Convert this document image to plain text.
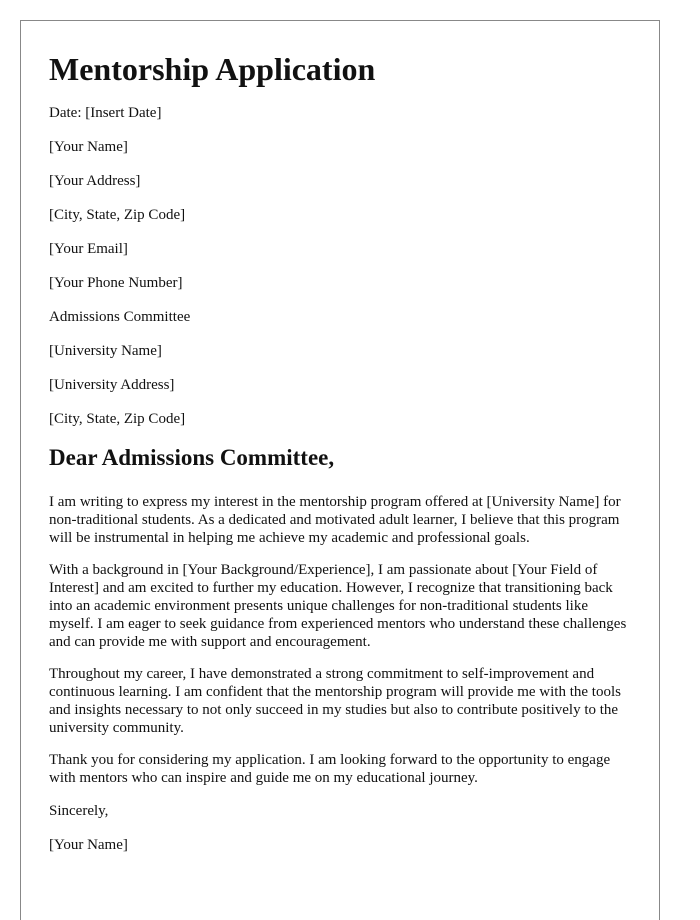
Mentorship Application
Date: [Insert Date]
[Your Name]
[Your Address]
[City, State, Zip Code]
[Your Email]
[Your Phone Number]
Admissions Committee
[University Name]
[University Address]
[City, State, Zip Code]
Dear Admissions Committee,

I am writing to express my interest in the mentorship program offered at [University Name] for non-traditional students. As a dedicated and motivated adult learner, I believe that this program will be instrumental in helping me achieve my academic and professional goals.

With a background in [Your Background/Experience], I am passionate about [Your Field of Interest] and am excited to further my education. However, I recognize that transitioning back into an academic environment presents unique challenges for non-traditional students like myself. I am eager to seek guidance from experienced mentors who understand these challenges and can provide me with support and encouragement.

Throughout my career, I have demonstrated a strong commitment to self-improvement and continuous learning. I am confident that the mentorship program will provide me with the tools and insights necessary to not only succeed in my studies but also to contribute positively to the university community.

Thank you for considering my application. I am looking forward to the opportunity to engage with mentors who can inspire and guide me on my educational journey.

Sincerely,
[Your Name]
